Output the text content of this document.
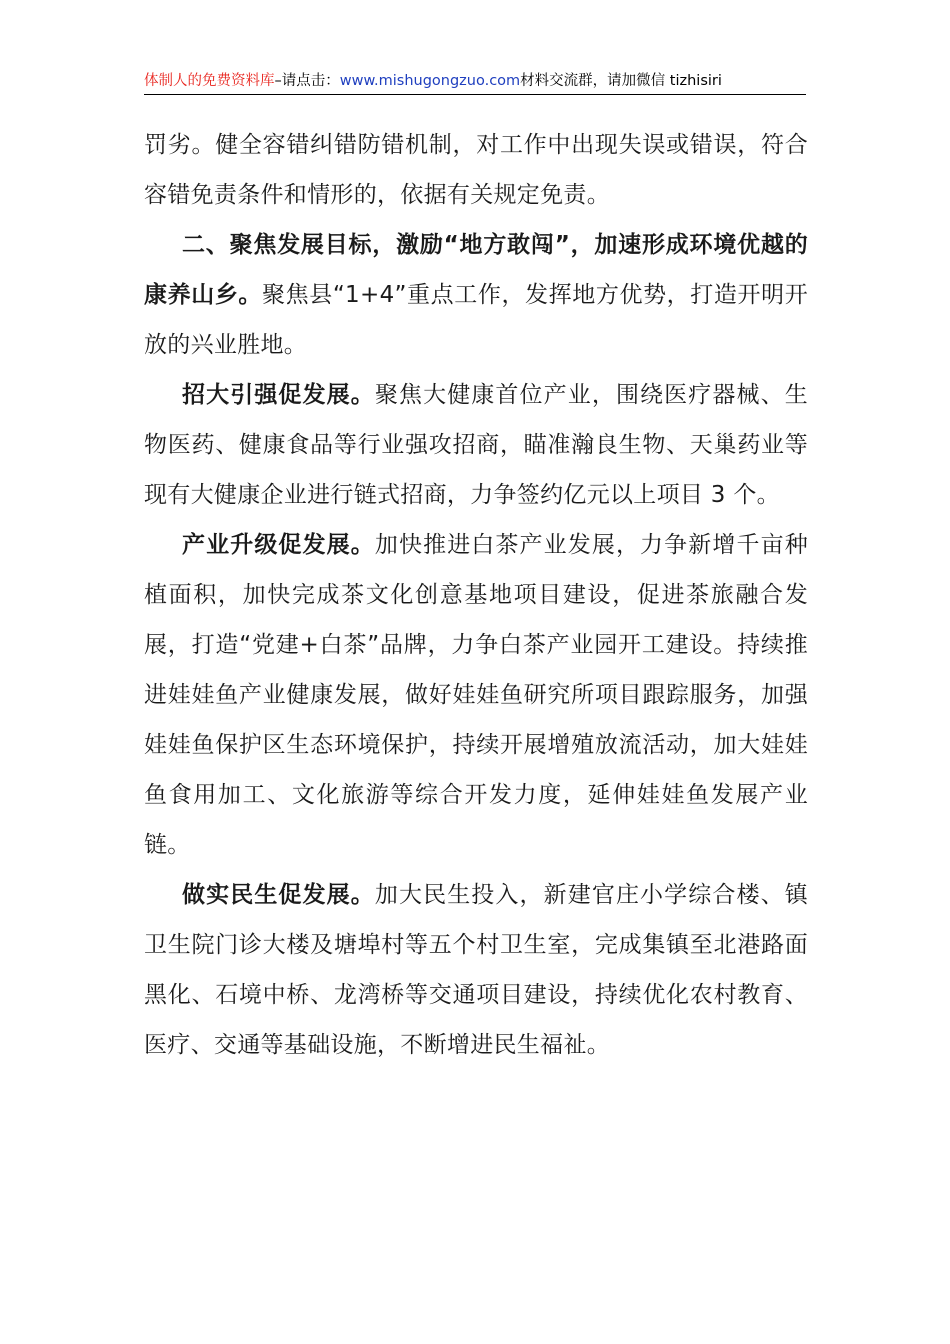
体制人的免费资料库–请点击：www.mishugongzuo.com材料交流群，请加微信 tizhisiri

罚劣。健全容错纠错防错机制，对工作中出现失误或错误，符合容错免责条件和情形的，依据有关规定免责。

二、聚焦发展目标，激励“地方敢闯”，加速形成环境优越的康养山乡。聚焦县“1+4”重点工作，发挥地方优势，打造开明开放的兴业胜地。

招大引强促发展。聚焦大健康首位产业，围绕医疗器械、生物医药、健康食品等行业强攻招商，瞄准瀚良生物、天巢药业等现有大健康企业进行链式招商，力争签约亿元以上项目 3 个。

产业升级促发展。加快推进白茶产业发展，力争新增千亩种植面积，加快完成茶文化创意基地项目建设，促进茶旅融合发展，打造“党建+白茶”品牌，力争白茶产业园开工建设。持续推进娃娃鱼产业健康发展，做好娃娃鱼研究所项目跟踪服务，加强娃娃鱼保护区生态环境保护，持续开展增殖放流活动，加大娃娃鱼食用加工、文化旅游等综合开发力度，延伸娃娃鱼发展产业链。

做实民生促发展。加大民生投入，新建官庄小学综合楼、镇卫生院门诊大楼及塘埠村等五个村卫生室，完成集镇至北港路面黑化、石境中桥、龙湾桥等交通项目建设，持续优化农村教育、医疗、交通等基础设施，不断增进民生福祉。
